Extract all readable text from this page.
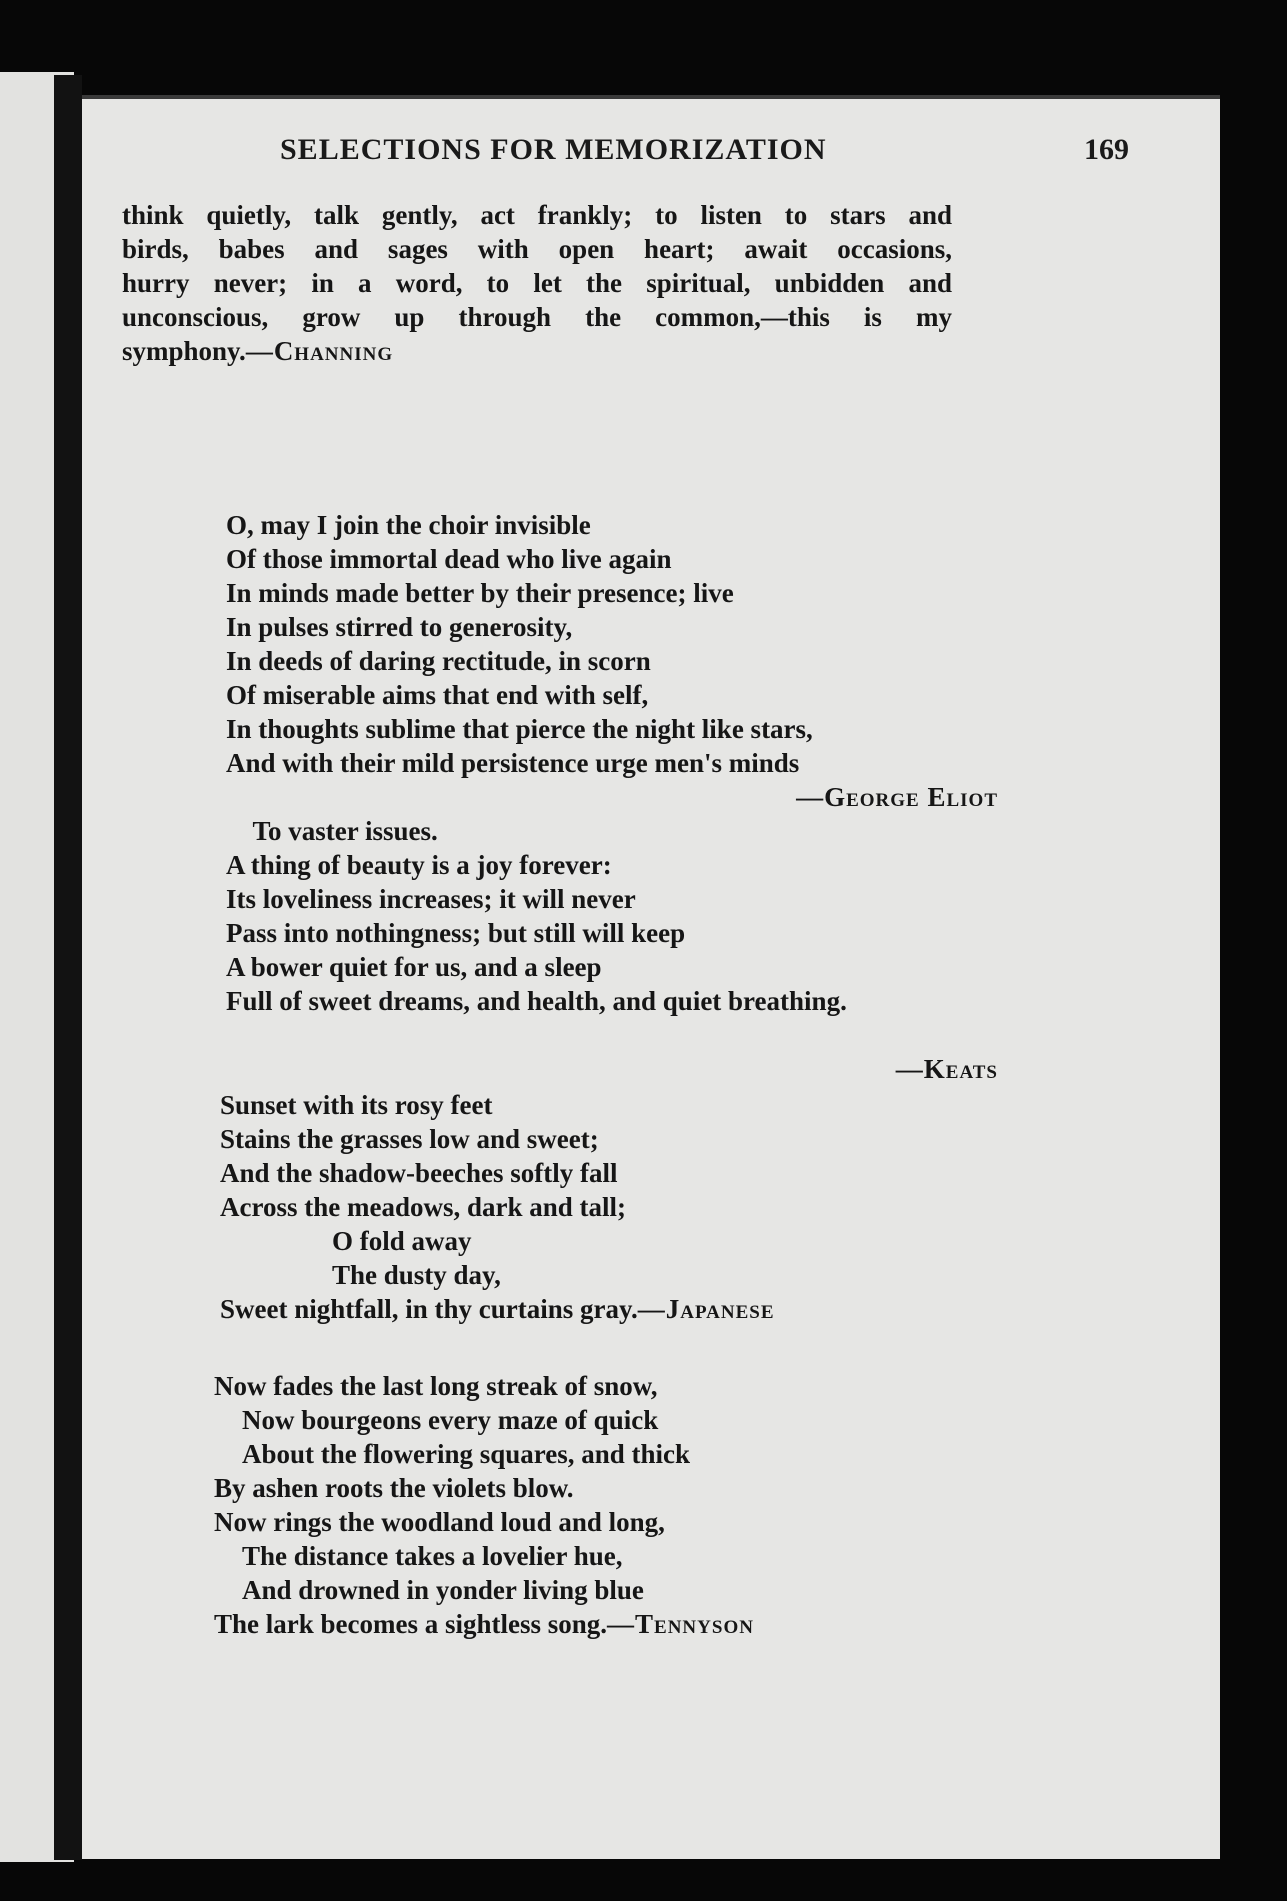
SELECTIONS FOR MEMORIZATION	169
think quietly, talk gently, act frankly; to listen to stars and
birds, babes and sages with open heart; await occasions,
hurry never; in a word, to let the spiritual, unbidden and
unconscious, grow up through the common,—this is my
symphony.—Channing
O, may I join the choir invisible
Of those immortal dead who live again
In minds made better by their presence; live
In pulses stirred to generosity,
In deeds of daring rectitude, in scorn
Of miserable aims that end with self,
In thoughts sublime that pierce the night like stars,
And with their mild persistence urge men's minds

To vaster issues.

—George Eliot

A thing of beauty is a joy forever:
Its loveliness increases; it will never
Pass into nothingness; but still will keep
A bower quiet for us, and a sleep
Full of sweet dreams, and health, and quiet breathing.

—Keats

Sunset with its rosy feet
Stains the grasses low and sweet;
And the shadow-beeches softly fall
Across the meadows, dark and tall;
O fold away
The dusty day,
Sweet nightfall, in thy curtains gray.—Japanese
Now fades the last long streak of snow,
Now bourgeons every maze of quick
About the flowering squares, and thick
By ashen roots the violets blow.
Now rings the woodland loud and long,
The distance takes a lovelier hue,
And drowned in yonder living blue
The lark becomes a sightless song.—Tennyson
